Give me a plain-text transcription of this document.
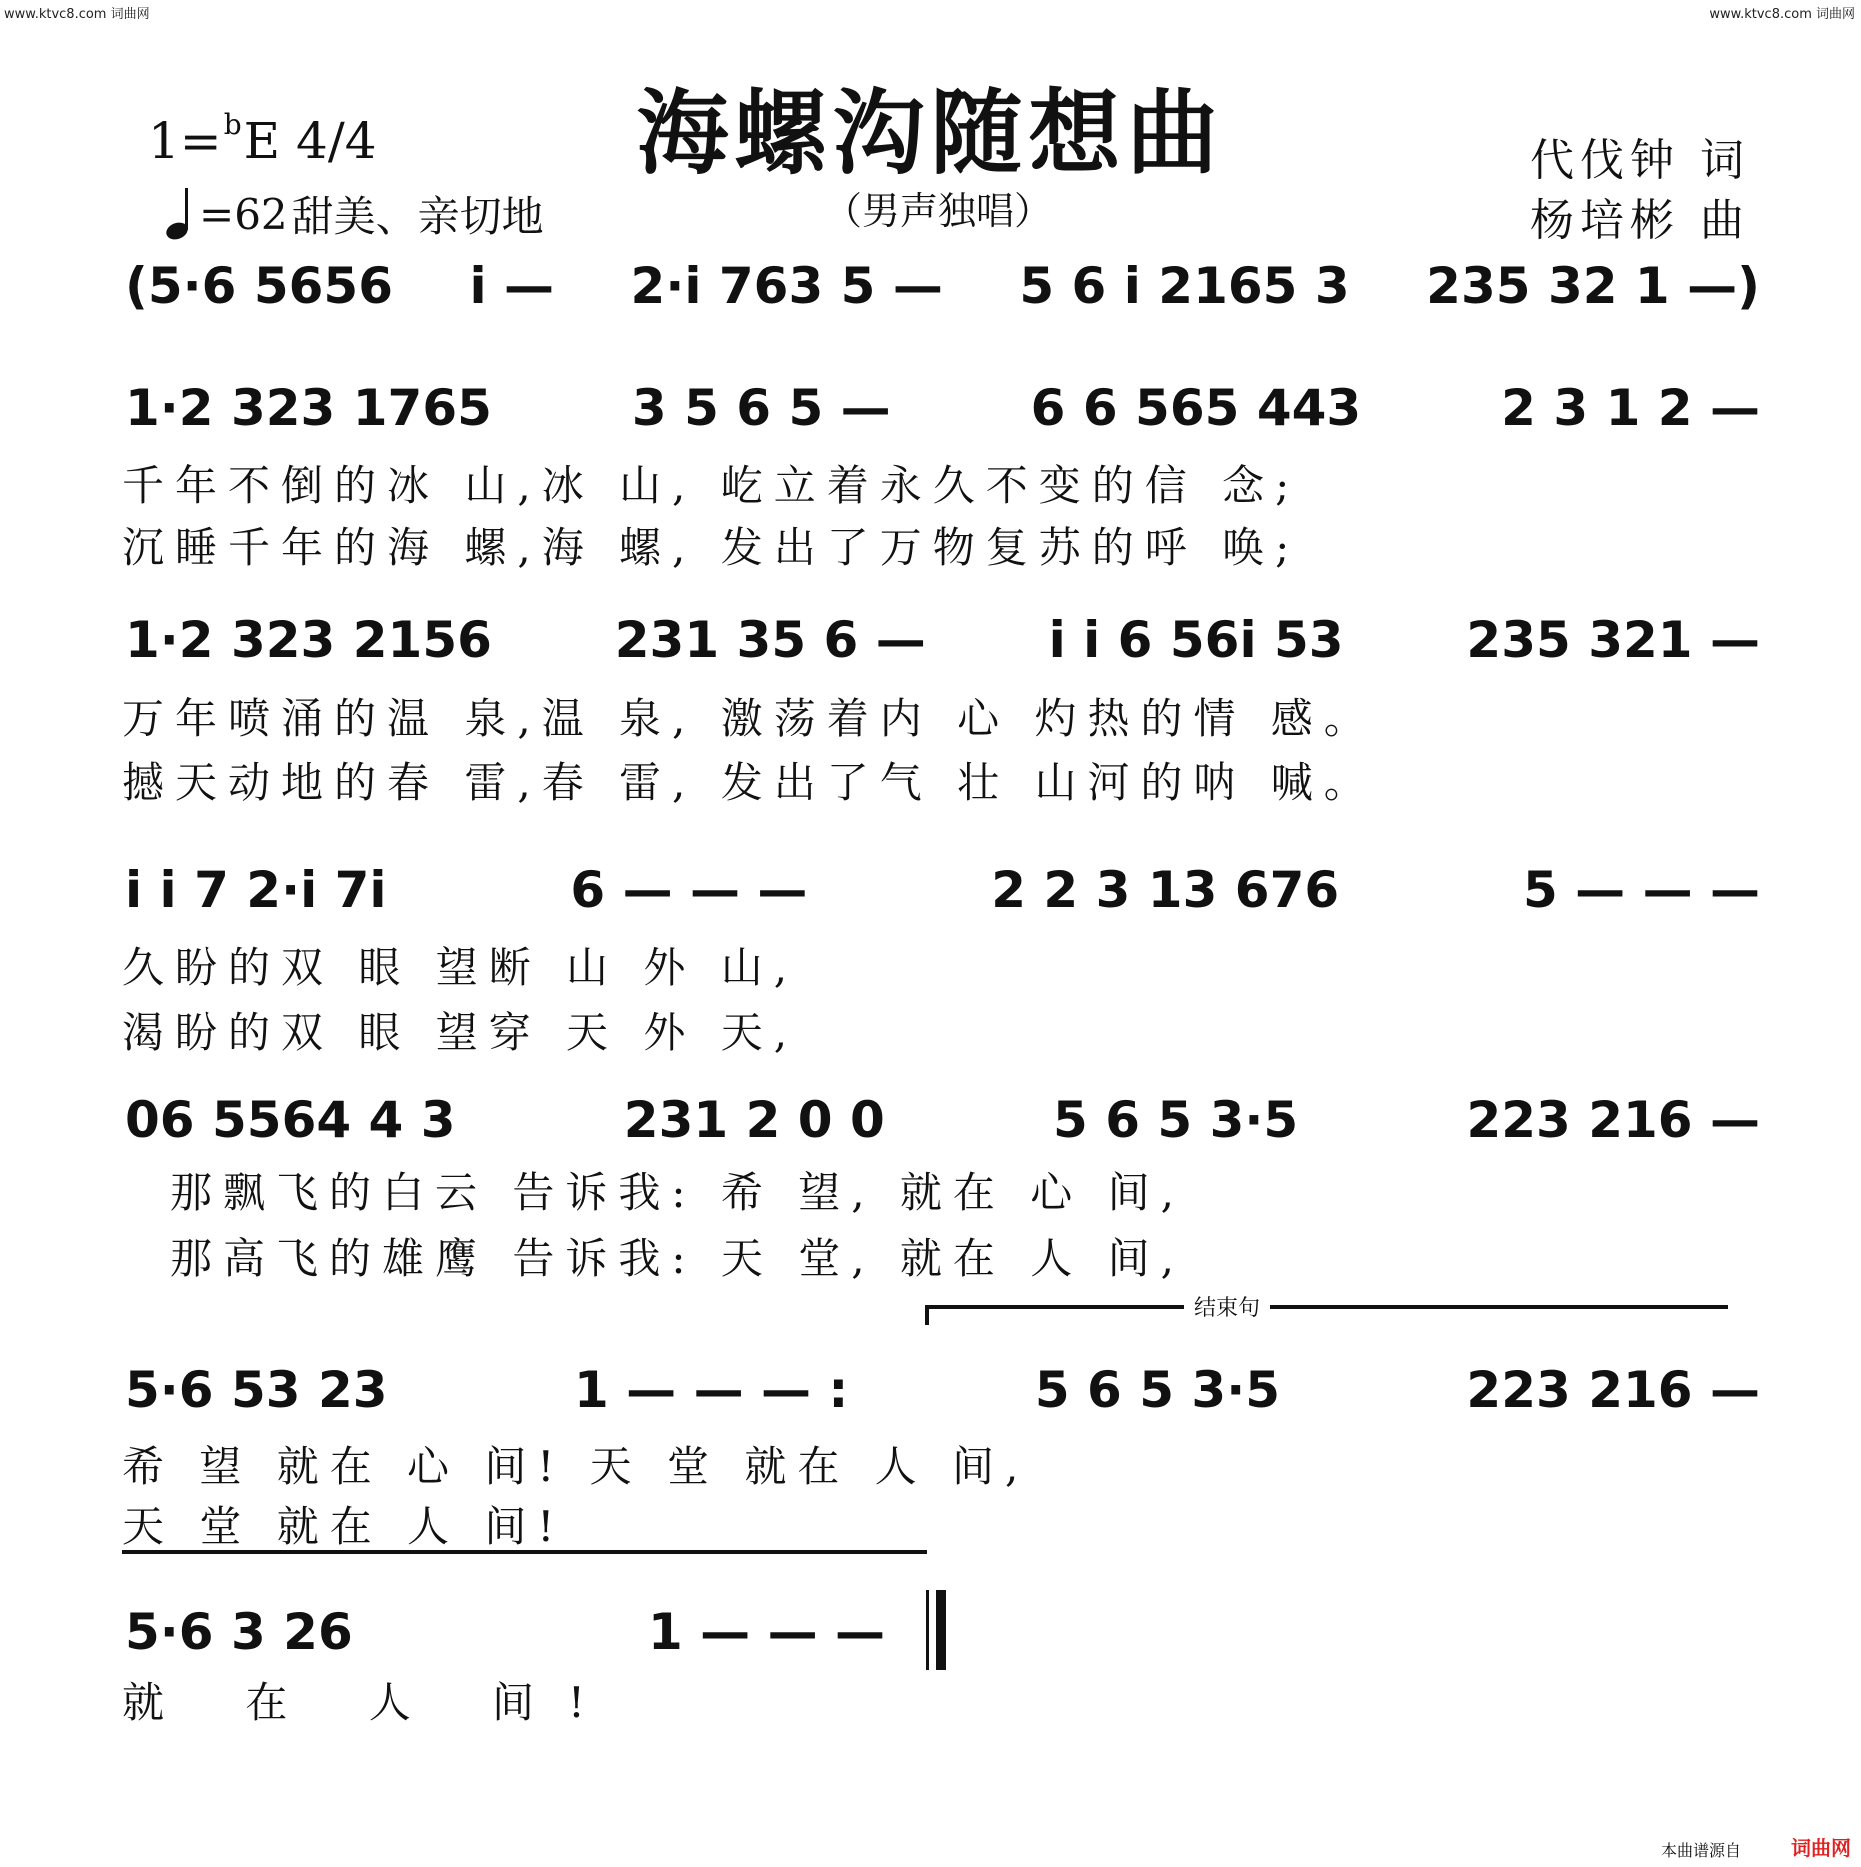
www.ktvc8.com 词曲网	www.ktvc8.com 词曲网
海螺沟随想曲
（男声独唱）
1=$^b$E 4/4
=62 甜美、亲切地
代伐钟 词
杨培彬 曲
(5·6 5656 i — 2·i 763 5 — 5 6 i 2165 3 235 32 1 —)
1·2 323 1765	3 5 6 5 —	6 6 565 443	2 3 1 2 —
千年不倒的冰 山,冰 山, 屹立着永久不变的信 念;
沉睡千年的海 螺,海 螺, 发出了万物复苏的呼 唤;
1·2 323 2156 231 35 6 — i i 6 56i 53 235 321 —
万年喷涌的温 泉,温 泉, 激荡着内 心 灼热的情 感。
撼天动地的春 雷,春 雷, 发出了气 壮 山河的呐 喊。
i i 7 2·i 7i	6 — — —	2 2 3 13 676	5 — — —
久盼的双 眼 望断 山 外 山,
渴盼的双 眼 望穿 天 外 天,
06 5564 4 3	231 2 0 0	5 6 5 3·5	223 216 —
那飘飞的白云 告诉我: 希 望, 就在 心 间,
那高飞的雄鹰 告诉我: 天 堂, 就在 人 间,
结束句
5·6 53 23	1 — — — :	5 6 5 3·5	223 216 —
希 望 就在 心 间! 天 堂 就在 人 间,
天 堂 就在 人 间!
5·6 3 26	1 — — —
就 在 人 间!
本曲谱源自	词曲网
